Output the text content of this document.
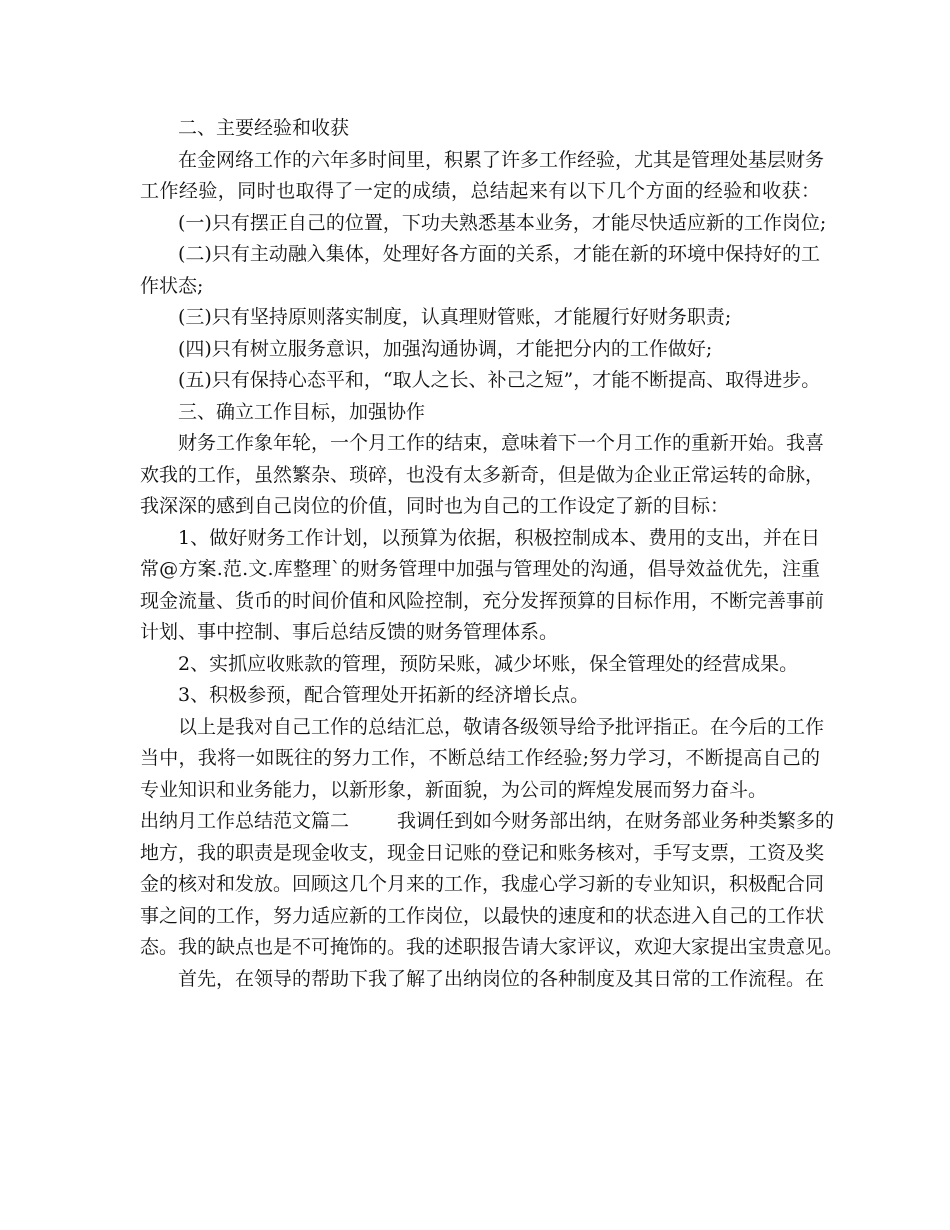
二、主要经验和收获
在金网络工作的六年多时间里，积累了许多工作经验，尤其是管理处基层财务
工作经验，同时也取得了一定的成绩，总结起来有以下几个方面的经验和收获：
(一)只有摆正自己的位置，下功夫熟悉基本业务，才能尽快适应新的工作岗位;
(二)只有主动融入集体，处理好各方面的关系，才能在新的环境中保持好的工
作状态;
(三)只有坚持原则落实制度，认真理财管账，才能履行好财务职责;
(四)只有树立服务意识，加强沟通协调，才能把分内的工作做好;
(五)只有保持心态平和，“取人之长、补己之短”，才能不断提高、取得进步。
三、确立工作目标，加强协作
财务工作象年轮，一个月工作的结束，意味着下一个月工作的重新开始。我喜
欢我的工作，虽然繁杂、琐碎，也没有太多新奇，但是做为企业正常运转的命脉，
我深深的感到自己岗位的价值，同时也为自己的工作设定了新的目标：
1、做好财务工作计划，以预算为依据，积极控制成本、费用的支出，并在日
常@方案.范.文.库整理`的财务管理中加强与管理处的沟通，倡导效益优先，注重
现金流量、货币的时间价值和风险控制，充分发挥预算的目标作用，不断完善事前
计划、事中控制、事后总结反馈的财务管理体系。
2、实抓应收账款的管理，预防呆账，减少坏账，保全管理处的经营成果。
3、积极参预，配合管理处开拓新的经济增长点。
以上是我对自己工作的总结汇总，敬请各级领导给予批评指正。在今后的工作
当中，我将一如既往的努力工作，不断总结工作经验;努力学习，不断提高自己的
专业知识和业务能力，以新形象，新面貌，为公司的辉煌发展而努力奋斗。
出纳月工作总结范文篇二	我调任到如今财务部出纳，在财务部业务种类繁多的
地方，我的职责是现金收支，现金日记账的登记和账务核对，手写支票，工资及奖
金的核对和发放。回顾这几个月来的工作，我虚心学习新的专业知识，积极配合同
事之间的工作，努力适应新的工作岗位，以最快的速度和的状态进入自己的工作状
态。我的缺点也是不可掩饰的。我的述职报告请大家评议，欢迎大家提出宝贵意见。
首先，在领导的帮助下我了解了出纳岗位的各种制度及其日常的工作流程。在
